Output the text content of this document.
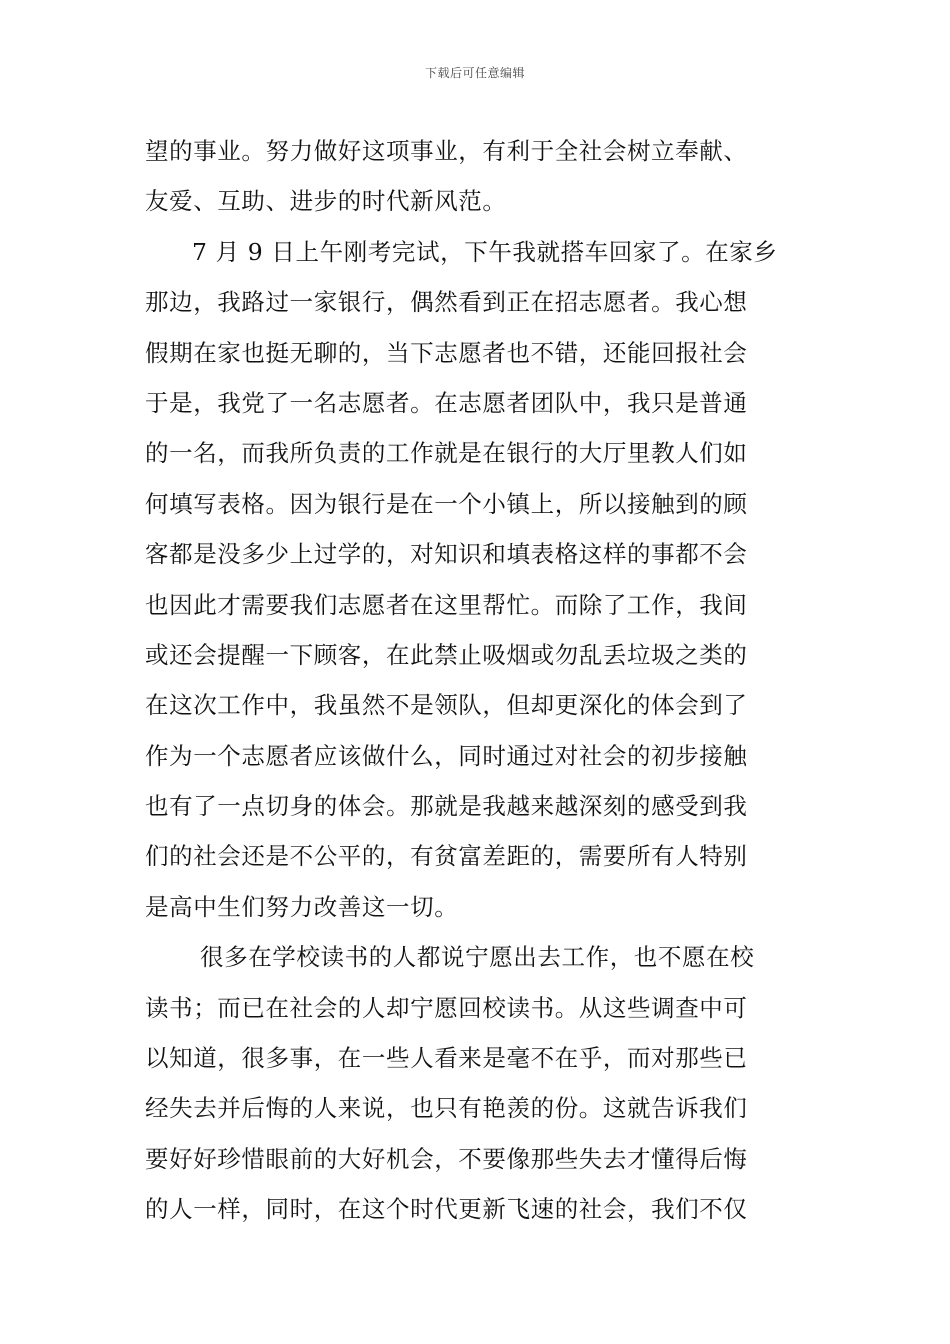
下载后可任意编辑
望的事业。努力做好这项事业，有利于全社会树立奉献、
友爱、互助、进步的时代新风范。
7 月 9 日上午刚考完试，下午我就搭车回家了。在家乡
那边，我路过一家银行，偶然看到正在招志愿者。我心想
假期在家也挺无聊的，当下志愿者也不错，还能回报社会
于是，我党了一名志愿者。在志愿者团队中，我只是普通
的一名，而我所负责的工作就是在银行的大厅里教人们如
何填写表格。因为银行是在一个小镇上，所以接触到的顾
客都是没多少上过学的，对知识和填表格这样的事都不会
也因此才需要我们志愿者在这里帮忙。而除了工作，我间
或还会提醒一下顾客，在此禁止吸烟或勿乱丢垃圾之类的
在这次工作中，我虽然不是领队，但却更深化的体会到了
作为一个志愿者应该做什么，同时通过对社会的初步接触
也有了一点切身的体会。那就是我越来越深刻的感受到我
们的社会还是不公平的，有贫富差距的，需要所有人特别
是高中生们努力改善这一切。
很多在学校读书的人都说宁愿出去工作，也不愿在校
读书；而已在社会的人却宁愿回校读书。从这些调查中可
以知道，很多事，在一些人看来是毫不在乎，而对那些已
经失去并后悔的人来说，也只有艳羡的份。这就告诉我们
要好好珍惜眼前的大好机会，不要像那些失去才懂得后悔
的人一样，同时，在这个时代更新飞速的社会，我们不仅
